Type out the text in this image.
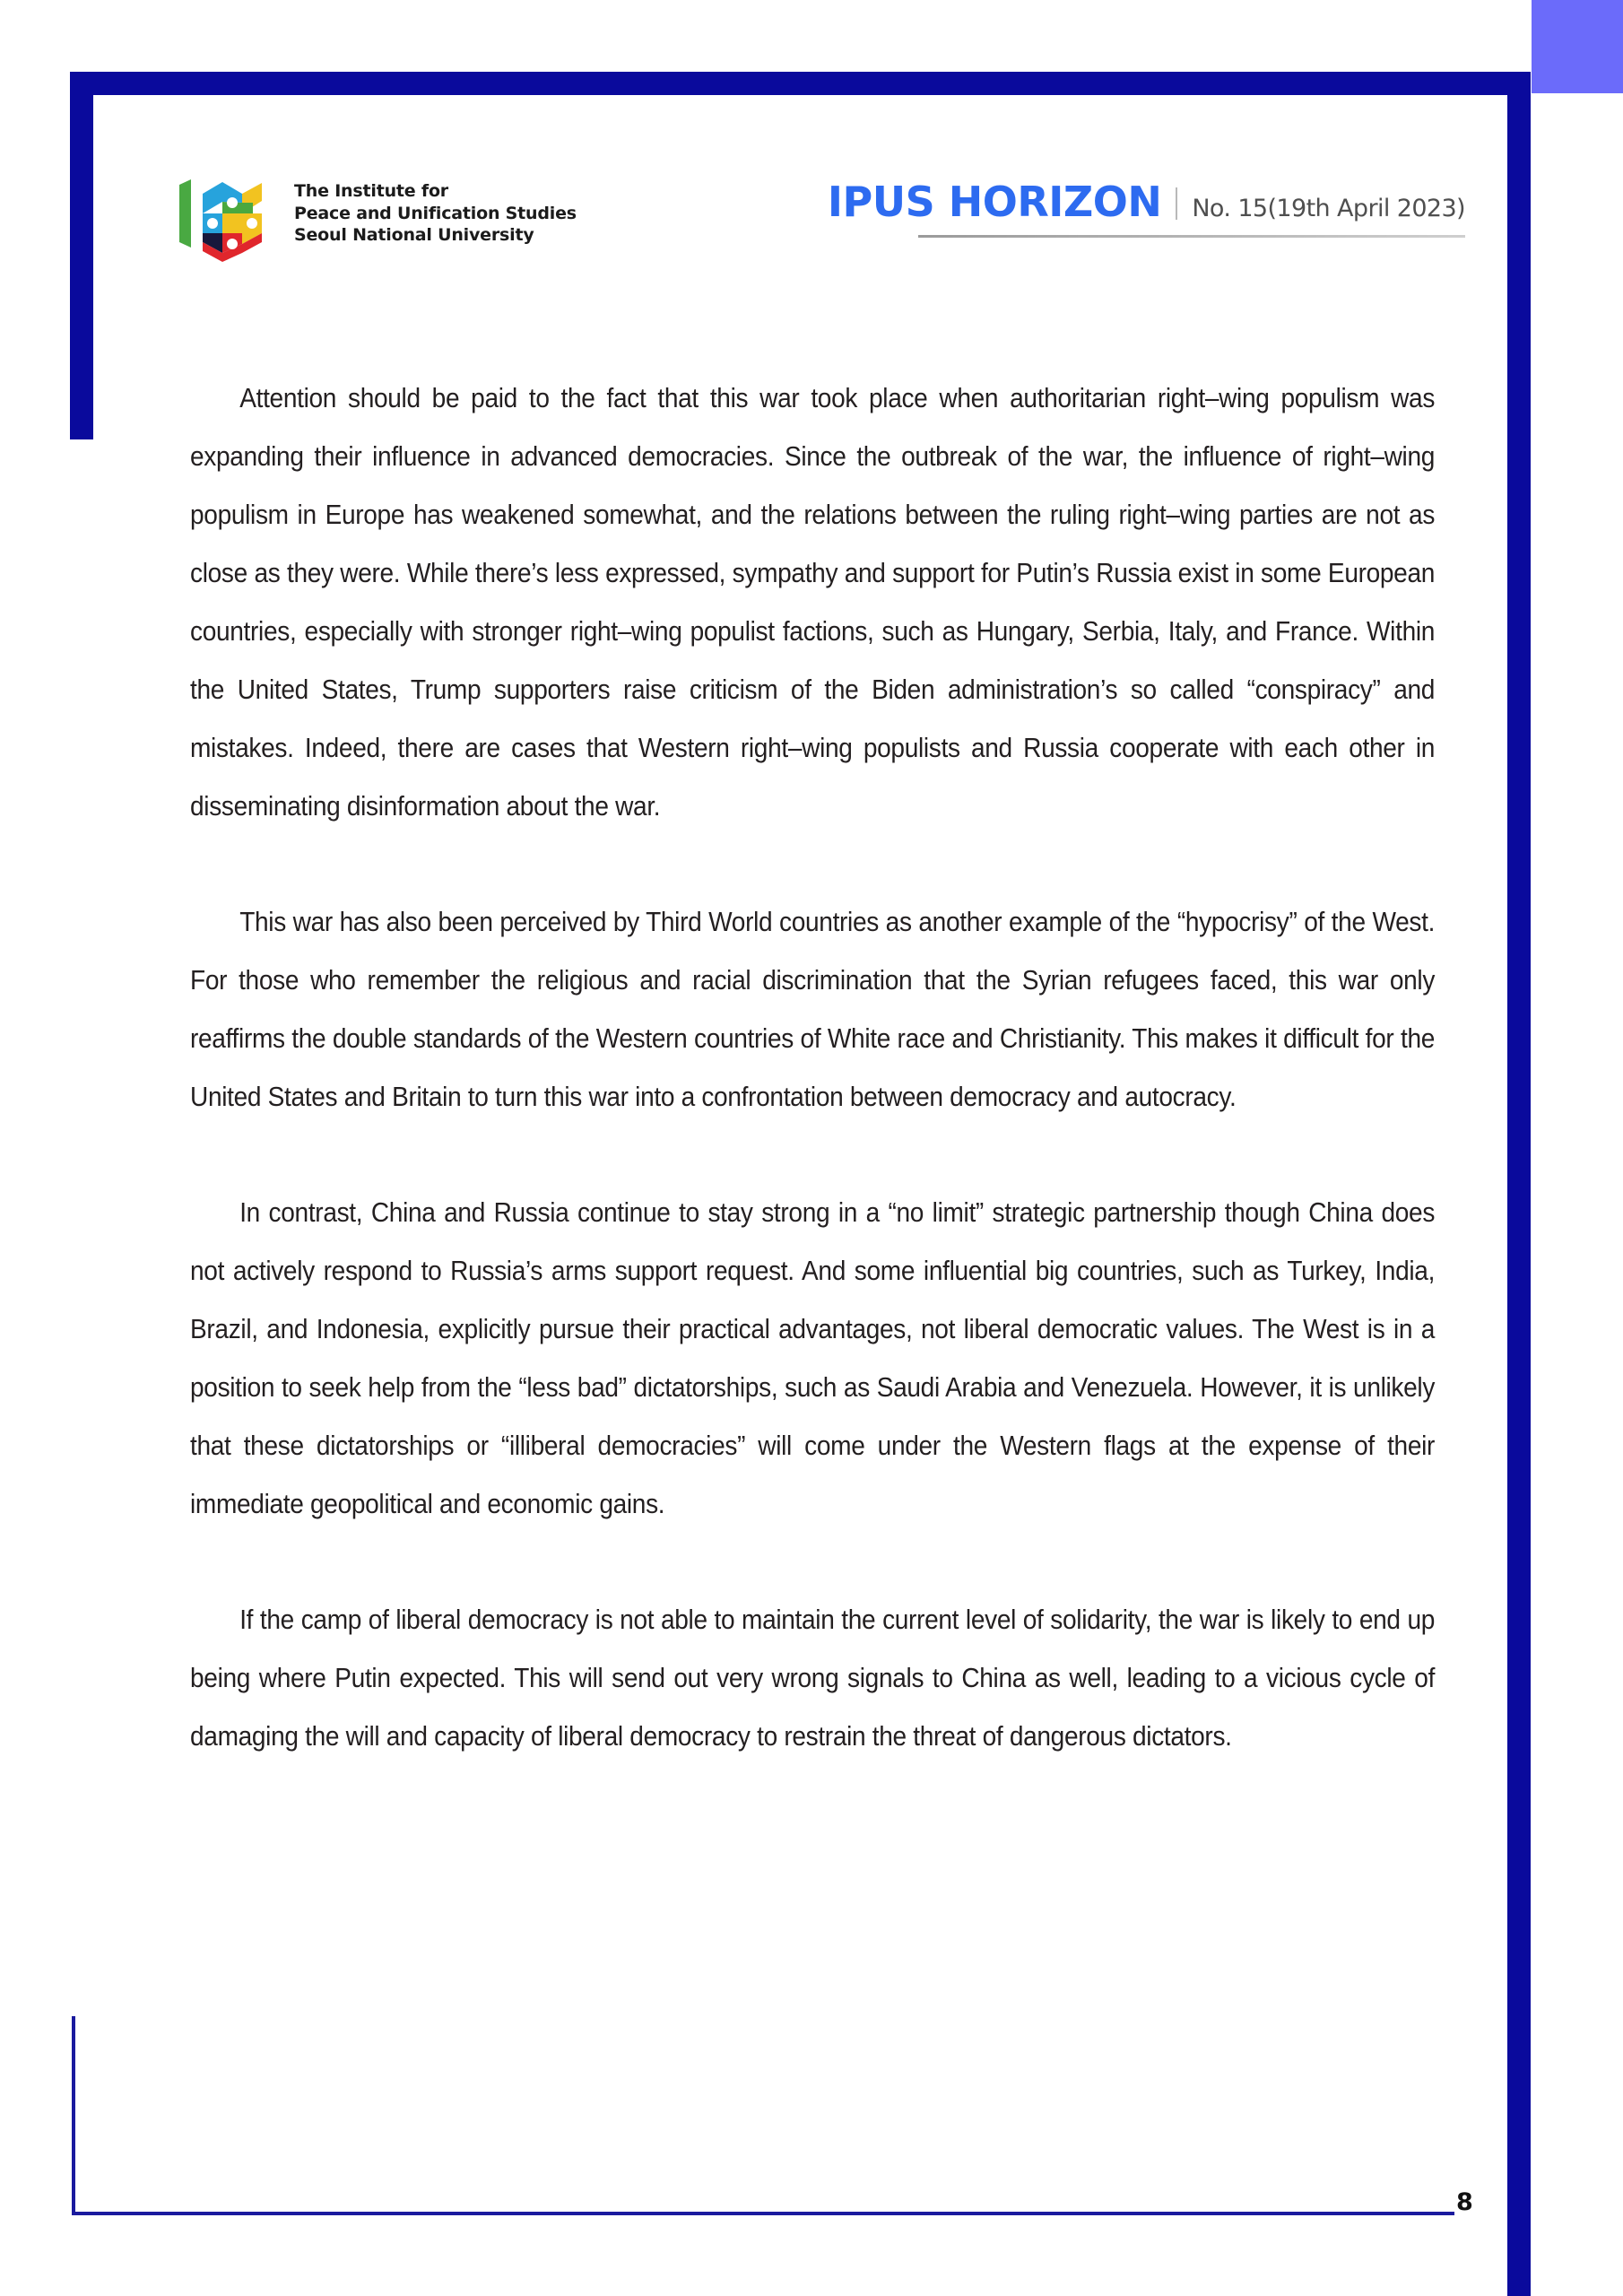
The Institute for
Peace and Unification Studies
Seoul National University
IPUS HORIZON No. 15(19th April 2023)

Attention should be paid to the fact that this war took place when authoritarian right–wing populism was expanding their influence in advanced democracies. Since the outbreak of the war, the influence of right–wing populism in Europe has weakened somewhat, and the relations between the ruling right–wing parties are not as close as they were. While there’s less expressed, sympathy and support for Putin’s Russia exist in some European countries, especially with stronger right–wing populist factions, such as Hungary, Serbia, Italy, and France. Within the United States, Trump supporters raise criticism of the Biden administration’s so called “conspiracy” and mistakes. Indeed, there are cases that Western right–wing populists and Russia cooperate with each other in disseminating disinformation about the war.

This war has also been perceived by Third World countries as another example of the “hypocrisy” of the West. For those who remember the religious and racial discrimination that the Syrian refugees faced, this war only reaffirms the double standards of the Western countries of White race and Christianity. This makes it difficult for the United States and Britain to turn this war into a confrontation between democracy and autocracy.

In contrast, China and Russia continue to stay strong in a “no limit” strategic partnership though China does not actively respond to Russia’s arms support request. And some influential big countries, such as Turkey, India, Brazil, and Indonesia, explicitly pursue their practical advantages, not liberal democratic values. The West is in a position to seek help from the “less bad” dictatorships, such as Saudi Arabia and Venezuela. However, it is unlikely that these dictatorships or “illiberal democracies” will come under the Western flags at the expense of their immediate geopolitical and economic gains.

If the camp of liberal democracy is not able to maintain the current level of solidarity, the war is likely to end up being where Putin expected. This will send out very wrong signals to China as well, leading to a vicious cycle of damaging the will and capacity of liberal democracy to restrain the threat of dangerous dictators.

8
